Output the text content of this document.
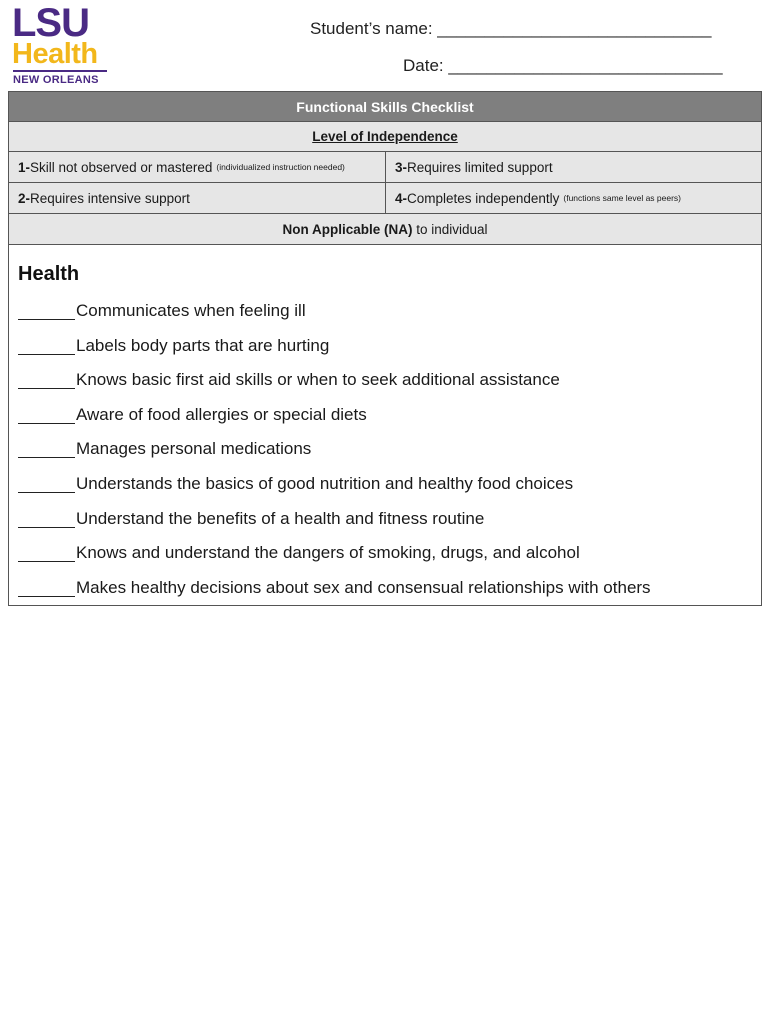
LSU
Health
NEW ORLEANS
Student’s name: _____________________________
Date: _____________________________
Functional Skills Checklist
Level of Independence
1- Skill not observed or mastered (individualized instruction needed)	3- Requires limited support
2- Requires intensive support	4- Completes independently (functions same level as peers)
Non Applicable (NA) to individual
Health
Communicates when feeling ill
Labels body parts that are hurting
Knows basic first aid skills or when to seek additional assistance
Aware of food allergies or special diets
Manages personal medications
Understands the basics of good nutrition and healthy food choices
Understand the benefits of a health and fitness routine
Knows and understand the dangers of smoking, drugs, and alcohol
Makes healthy decisions about sex and consensual relationships with others
